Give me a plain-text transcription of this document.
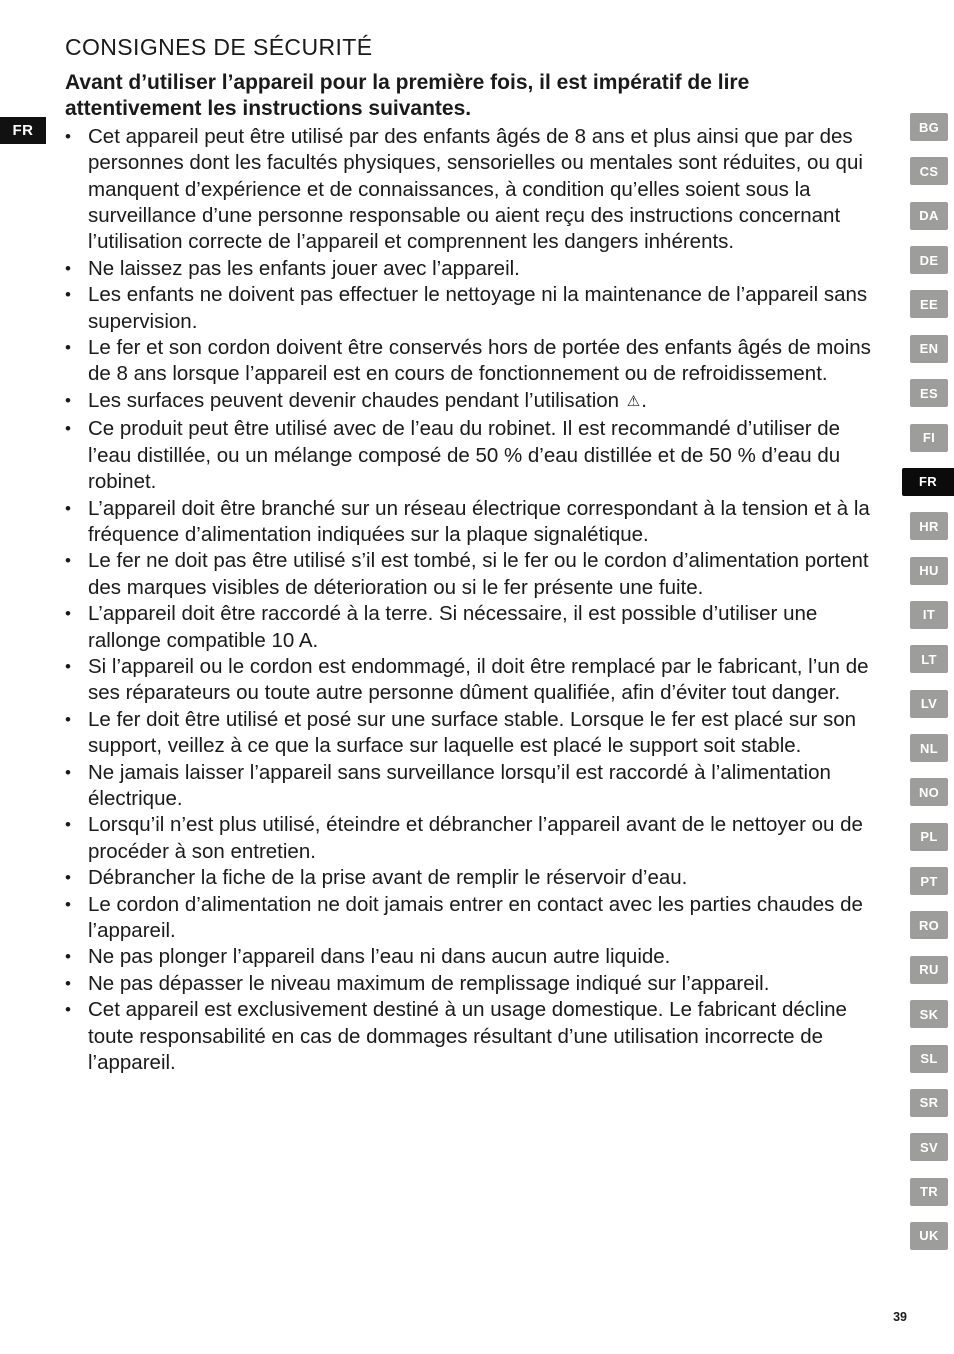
FR
CONSIGNES DE SÉCURITÉ

Avant d’utiliser l’appareil pour la première fois, il est impératif de lire attentivement les instructions suivantes.

• Cet appareil peut être utilisé par des enfants âgés de 8 ans et plus ainsi que par des personnes dont les facultés physiques, sensorielles ou mentales sont réduites, ou qui manquent d’expérience et de connaissances, à condition qu’elles soient sous la surveillance d’une personne responsable ou aient reçu des instructions concernant l’utilisation correcte de l’appareil et comprennent les dangers inhérents.
• Ne laissez pas les enfants jouer avec l’appareil.
• Les enfants ne doivent pas effectuer le nettoyage ni la maintenance de l’appareil sans supervision.
• Le fer et son cordon doivent être conservés hors de portée des enfants âgés de moins de 8 ans lorsque l’appareil est en cours de fonctionnement ou de refroidissement.
• Les surfaces peuvent devenir chaudes pendant l’utilisation ⚠.
• Ce produit peut être utilisé avec de l’eau du robinet. Il est recommandé d’utiliser de l’eau distillée, ou un mélange composé de 50 % d’eau distillée et de 50 % d’eau du robinet.
• L’appareil doit être branché sur un réseau électrique correspondant à la tension et à la fréquence d’alimentation indiquées sur la plaque signalétique.
• Le fer ne doit pas être utilisé s’il est tombé, si le fer ou le cordon d’alimentation portent des marques visibles de déterioration ou si le fer présente une fuite.
• L’appareil doit être raccordé à la terre. Si nécessaire, il est possible d’utiliser une rallonge compatible 10 A.
• Si l’appareil ou le cordon est endommagé, il doit être remplacé par le fabricant, l’un de ses réparateurs ou toute autre personne dûment qualifiée, afin d’éviter tout danger.
• Le fer doit être utilisé et posé sur une surface stable. Lorsque le fer est placé sur son support, veillez à ce que la surface sur laquelle est placé le support soit stable.
• Ne jamais laisser l’appareil sans surveillance lorsqu’il est raccordé à l’alimentation électrique.
• Lorsqu’il n’est plus utilisé, éteindre et débrancher l’appareil avant de le nettoyer ou de procéder à son entretien.
• Débrancher la fiche de la prise avant de remplir le réservoir d’eau.
• Le cordon d’alimentation ne doit jamais entrer en contact avec les parties chaudes de l’appareil.
• Ne pas plonger l’appareil dans l’eau ni dans aucun autre liquide.
• Ne pas dépasser le niveau maximum de remplissage indiqué sur l’appareil.
• Cet appareil est exclusivement destiné à un usage domestique. Le fabricant décline toute responsabilité en cas de dommages résultant d’une utilisation incorrecte de l’appareil.
BG
CS
DA
DE
EE
EN
ES
FI
FR
HR
HU
IT
LT
LV
NL
NO
PL
PT
RO
RU
SK
SL
SR
SV
TR
UK
39
